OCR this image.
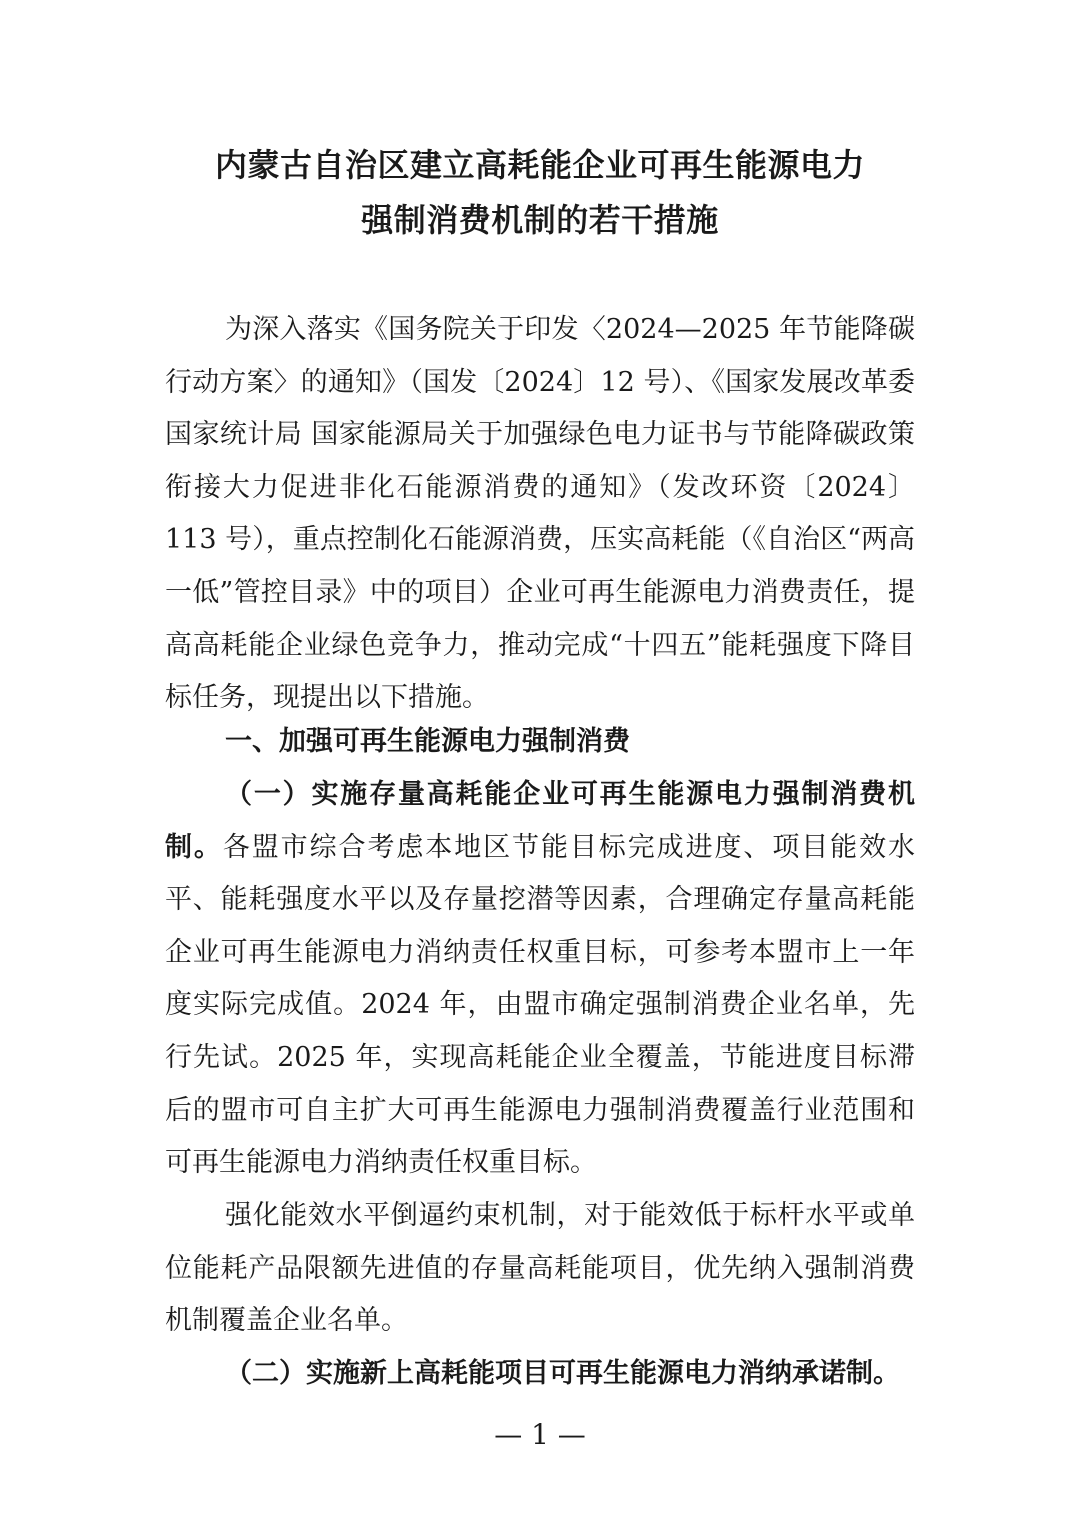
内蒙古自治区建立高耗能企业可再生能源电力
强制消费机制的若干措施
为深入落实《国务院关于印发〈2024—2025 年节能降碳行动方案〉的通知》（国发〔2024〕12 号）、《国家发展改革委 国家统计局 国家能源局关于加强绿色电力证书与节能降碳政策衔接大力促进非化石能源消费的通知》（发改环资〔2024〕113 号），重点控制化石能源消费，压实高耗能（《自治区“两高一低”管控目录》中的项目）企业可再生能源电力消费责任，提高高耗能企业绿色竞争力，推动完成“十四五”能耗强度下降目标任务，现提出以下措施。
一、加强可再生能源电力强制消费
（一）实施存量高耗能企业可再生能源电力强制消费机制。各盟市综合考虑本地区节能目标完成进度、项目能效水平、能耗强度水平以及存量挖潜等因素，合理确定存量高耗能企业可再生能源电力消纳责任权重目标，可参考本盟市上一年度实际完成值。2024 年，由盟市确定强制消费企业名单，先行先试。2025 年，实现高耗能企业全覆盖，节能进度目标滞后的盟市可自主扩大可再生能源电力强制消费覆盖行业范围和可再生能源电力消纳责任权重目标。
强化能效水平倒逼约束机制，对于能效低于标杆水平或单位能耗产品限额先进值的存量高耗能项目，优先纳入强制消费机制覆盖企业名单。
（二）实施新上高耗能项目可再生能源电力消纳承诺制。
— 1 —
